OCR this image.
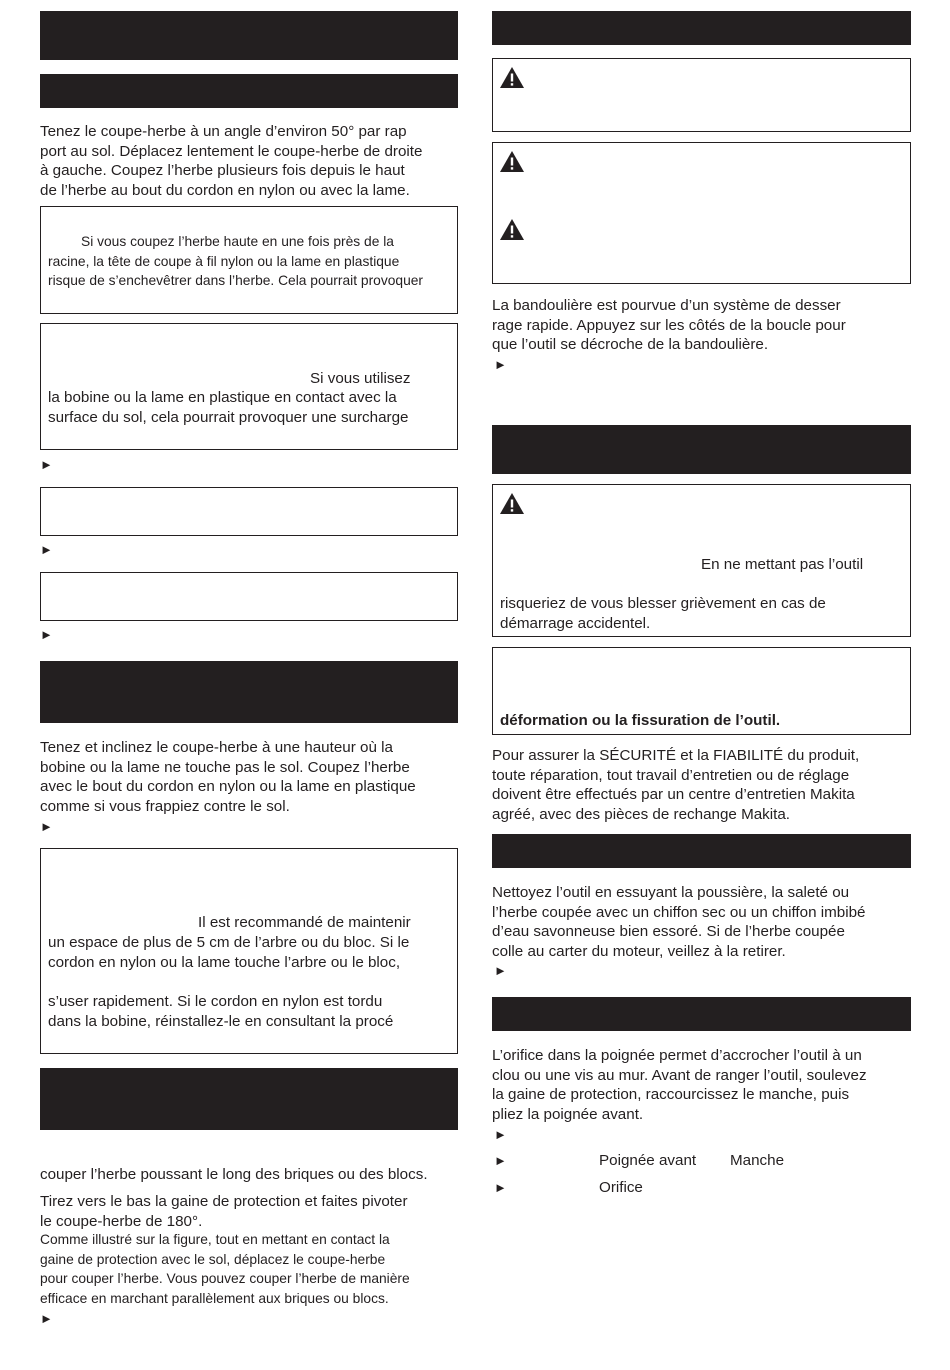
Tenez le coupe-herbe à un angle d’environ 50° par rap
port au sol. Déplacez lentement le coupe-herbe de droite
à gauche. Coupez l’herbe plusieurs fois depuis le haut
de l’herbe au bout du cordon en nylon ou avec la lame.
Si vous coupez l’herbe haute en une fois près de la
racine, la tête de coupe à fil nylon ou la lame en plastique
risque de s’enchevêtrer dans l’herbe. Cela pourrait provoquer
Si vous utilisez
la bobine ou la lame en plastique en contact avec la
surface du sol, cela pourrait provoquer une surcharge
►
►
►
Tenez et inclinez le coupe-herbe à une hauteur où la
bobine ou la lame ne touche pas le sol. Coupez l’herbe
avec le bout du cordon en nylon ou la lame en plastique
comme si vous frappiez contre le sol.
►
Il est recommandé de maintenir
un espace de plus de 5 cm de l’arbre ou du bloc. Si le
cordon en nylon ou la lame touche l’arbre ou le bloc,
s’user rapidement. Si le cordon en nylon est tordu
dans la bobine, réinstallez-le en consultant la procé
couper l’herbe poussant le long des briques ou des blocs.
Tirez vers le bas la gaine de protection et faites pivoter
le coupe-herbe de 180°.
Comme illustré sur la figure, tout en mettant en contact la
gaine de protection avec le sol, déplacez le coupe-herbe
pour couper l’herbe. Vous pouvez couper l’herbe de manière
efficace en marchant parallèlement aux briques ou blocs.
►
La bandoulière est pourvue d’un système de desser
rage rapide. Appuyez sur les côtés de la boucle pour
que l’outil se décroche de la bandoulière.
►
En ne mettant pas l’outil
risqueriez de vous blesser grièvement en cas de
démarrage accidentel.
déformation ou la fissuration de l’outil.
Pour assurer la SÉCURITÉ et la FIABILITÉ du produit,
toute réparation, tout travail d’entretien ou de réglage
doivent être effectués par un centre d’entretien Makita
agréé, avec des pièces de rechange Makita.
Nettoyez l’outil en essuyant la poussière, la saleté ou
l’herbe coupée avec un chiffon sec ou un chiffon imbibé
d’eau savonneuse bien essoré. Si de l’herbe coupée
colle au carter du moteur, veillez à la retirer.
►
L’orifice dans la poignée permet d’accrocher l’outil à un
clou ou une vis au mur. Avant de ranger l’outil, soulevez
la gaine de protection, raccourcissez le manche, puis
pliez la poignée avant.
►
►	Poignée avant Manche
►	Orifice
